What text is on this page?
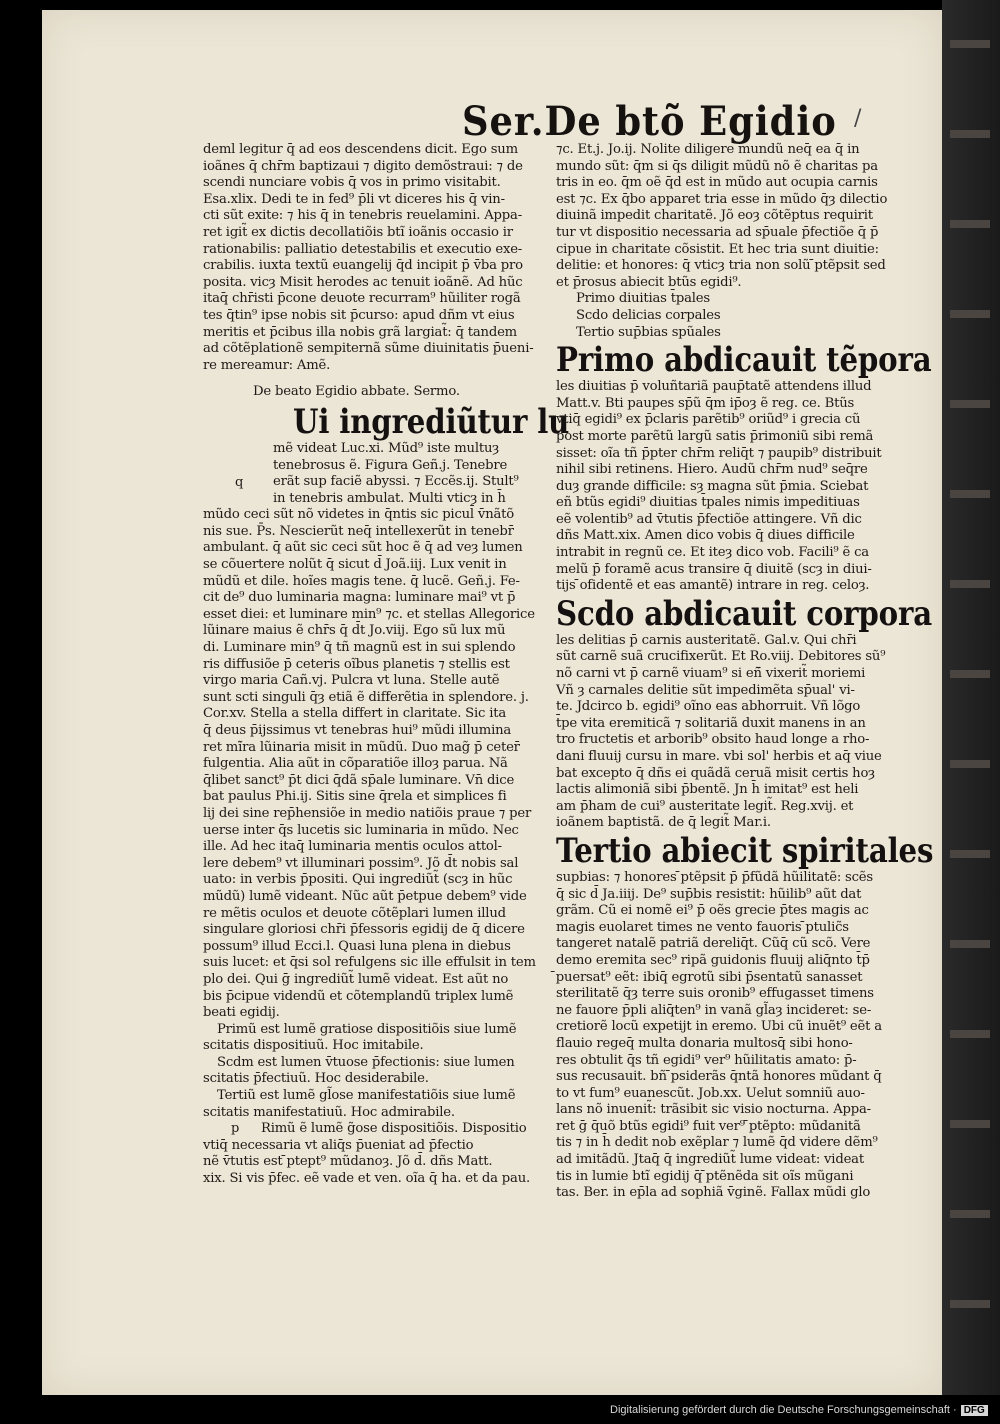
Ser.De btõ Egidio /
deml legitur q̄ ad eos descendens dicit. Ego sum
ioãnes q̄ chr̄m baptizaui ⁊ digito demõstraui: ⁊ de
scendi nunciare vobis q̄ vos in primo visitabit.
Esa.xlix. Dedi te in fed⁹ p̄li vt diceres his q̄ vin-
cti sũt exite: ⁊ his q̄ in tenebris reuelamini. Appa-
ret igit̃ ex dictis decollatiõis btĩ ioãnis occasio ir
rationabilis: palliatio detestabilis et executio exe-
crabilis. iuxta textũ euangelij q̄d incipit p̄ v̄ba pro
posita. vicȝ Misit herodes ac tenuit ioãnẽ. Ad hũc
itaq̄ chr̄isti p̄cone deuote recurram⁹ hũiliter rogã
tes q̄tin⁹ ipse nobis sit p̄curso: apud dñm vt eius
meritis et p̄cibus illa nobis grã largiat̃: q̄ tandem
ad cõtẽplationẽ sempiternã sũme diuinitatis p̄ueni-
re mereamur: Amẽ.
De beato Egidio abbate. Sermo.
Ui ingrediũtur lu
mẽ videat Luc.xi. Mũd⁹ iste multuȝ
tenebrosus ẽ. Figura Geñ.j. Tenebre
erãt sup faciẽ abyssi. ⁊ Eccẽs.ij. Stult⁹
in tenebris ambulat. Multi vticȝ in h̄
mũdo ceci sũt nõ videtes in q̄ntis sic picul̄ v̄nãtõ
nis sue. P̄s. Nescierũt neq̄ intellexerũt in tenebr̄
ambulant. q̄ aũt sic ceci sũt hoc ẽ q̄ ad veȝ lumen
se cõuertere nolũt q̄ sicut d̄ Joã.iij. Lux venit in
mũdũ et dile. hoĩes magis tene. q̄ lucẽ. Geñ.j. Fe-
cit de⁹ duo luminaria magna: luminare mai⁹ vt p̄
esset diei: et luminare min⁹ ⁊c. et stellas Allegorice
lũinare maius ẽ chr̄s q̄ d̄t Jo.viij. Ego sũ lux mũ
di. Luminare min⁹ q̄ tñ magnũ est in sui splendo
ris diffusiõe p̄ ceteris oĩbus planetis ⁊ stellis est
virgo maria Cañ.vj. Pulcra vt luna. Stelle autẽ
sunt scti singuli q̄ȝ etiã ẽ differẽtia in splendore. j.
Cor.xv. Stella a stella differt in claritate. Sic ita
q̄ deus p̄ijssimus vt tenebras hui⁹ mũdi illumina
ret mi̇̃ra lũinaria misit in mũdũ. Duo mag̃ p̄ ceter̄
fulgentia. Alia aũt in cõparatiõe illoȝ parua. Nã
q̄libet sanct⁹ p̄t dici q̄dã sp̄ale luminare. Vn̄ dice
bat paulus Phi.ij. Sitis sine q̄rela et simplices fi
lij dei sine rep̄hensiõe in medio natiõis praue ⁊ per
uerse inter q̄s lucetis sic luminaria in mũdo. Nec
ille. Ad hec itaq̄ luminaria mentis oculos attol-
lere debem⁹ vt illuminari possim⁹. Jõ d̄t nobis sal
uato: in verbis p̄positi. Qui ingrediũt̃ (scȝ in hũc
mũdũ) lumẽ videant. Nũc aũt p̄etpue debem⁹ vide
re mẽtis oculos et deuote cõtẽplari lumen illud
singulare gloriosi chr̄i p̄fessoris egidij de q̄ dicere
possum⁹ illud Ecci.l. Quasi luna plena in diebus
suis lucet: et q̄si sol refulgens sic ille effulsit in tem
plo dei. Qui ḡ ingrediũt̃ lumẽ videat. Est aũt no
bis p̄cipue videndũ et cõtemplandũ triplex lumẽ
beati egidij.
q
Primũ est lumẽ gratiose dispositiõis siue lumẽ
scitatis dispositiuũ. Hoc imitabile.
Scdm est lumen v̄tuose p̄fectionis: siue lumen
scitatis p̄fectiuũ. Hoc desiderabile.
Tertiũ est lumẽ gl̃ose manifestatiõis siue lumẽ
scitatis manifestatiuũ. Hoc admirabile.
Rimũ ẽ lumẽ g̃ose dispositiõis. Dispositio
vtiq̄ necessaria vt aliq̄s p̄ueniat ad p̄fectio
nẽ v̄tutis est ̄ptept⁹ mũdanoȝ. Jõ d̄. dñs Matt.
xix. Si vis p̄fec. eẽ vade et ven. oĩa q̄ ha. et da pau.
p
⁊c. Et.j. Jo.ij. Nolite diligere mundũ neq̄ ea q̄ in
mundo sũt: q̄m si q̄s diligit mũdũ nõ ẽ charitas pa
tris in eo. q̄m oẽ q̄d est in mũdo aut ocupia carnis
est ⁊c. Ex q̄bo apparet tria esse in mũdo q̄ȝ dilectio
diuinã impedit charitatẽ. Jõ eoȝ cõtẽptus requirit
tur vt dispositio necessaria ad sp̄uale p̄fectiõe q̄ p̄
cipue in charitate cõsistit. Et hec tria sunt diuitie:
delitie: et honores: q̄ vticȝ tria non solũ ̄ptẽpsit sed
et p̄rosus abiecit btũs egidi⁹.
Primo diuitias t̄pales
Scdo delicias corpales
Tertio sup̄bias spũales
Primo abdicauit tẽpora
les diuitias p̄ voluñtariã paup̄tatẽ attendens illud
Matt.v. Bti paupes sp̄ũ q̄m ip̄oȝ ẽ reg. ce. Btũs
vtiq̄ egidi⁹ ex p̄claris parẽtib⁹ oriũd⁹ i grecia cũ
post morte parẽtũ largũ satis p̄rimoniũ sibi remã
sisset: oĩa tñ p̄pter chr̄m reliq̄t ⁊ paupib⁹ distribuit
nihil sibi retinens. Hiero. Audũ chr̄m nud⁹ seq̄re
duȝ grande difficile: sȝ magna sũt p̄mia. Sciebat
eñ btũs egidi⁹ diuitias t̄pales nimis impeditiuas
eẽ volentib⁹ ad v̄tutis p̄fectiõe attingere. Vñ dic
dñs Matt.xix. Amen dico vobis q̄ diues difficile
intrabit in regnũ ce. Et iteȝ dico vob. Facili⁹ ẽ ca
melũ p̄ foramẽ acus transire q̄ diuitẽ (scȝ in diui-
tijs ̄ofidentẽ et eas amantẽ) intrare in reg. celoȝ.
Scdo abdicauit corpora
les delitias p̄ carnis austeritatẽ. Gal.v. Qui chr̄i
sũt carnẽ suã crucifixerũt. Et Ro.viij. Debitores sũ⁹
nõ carni vt p̄ carnẽ viuam⁹ si eñ̄ vixerit̃ moriemi
Vñ ȝ carnales delitie sũt impedimẽta sp̄ual' vi-
te. Jdcirco b. egidi⁹ oĩno eas abhorruit. Vñ lõgo
t̄pe vita eremiticã ⁊ solitariã duxit manens in an
tro fructetis et arborib⁹ obsito haud longe a rho-
dani fluuij cursu in mare. vbi sol' herbis et aq̄ viue
bat excepto q̄ dñs ei quãdã ceruã misit certis hoȝ
lactis alimoniã sibi p̄bentẽ. Jn h̄ imitat⁹ est heli
am p̄ham de cui⁹ austeritate legit̃. Reg.xvij. et
ioãnem baptistã. de q̄ legit̃ Mar.i.
Tertio abiecit spiritales
supbias: ⁊ honores ̄ptẽpsit p̄ p̄fũdã hũilitatẽ: scẽs
q̄ sic d̄ Ja.iiij. De⁹ sup̄bis resistit: hũilib⁹ aũt dat
grãm. Cũ ei nomẽ ei⁹ p̄ oẽs grecie p̄tes magis ac
magis euolaret times ne vento fauoris ̄ptulic̃s
tangeret natalẽ patriã dereliq̄t. Cũq̄ cũ scõ. Vere
demo eremita sec⁹ ripã guidonis fluuij aliq̄nto t̄p̄
̄puersat⁹ eẽt: ibiq̄ egrotũ sibi p̄sentatũ sanasset
sterilitatẽ q̄ȝ terre suis oronib⁹ effugasset timens
ne fauore p̄pli aliq̄ten⁹ in vanã gl̃aȝ incideret: se-
cretiorẽ locũ expetijt in eremo. Ubi cũ inuẽt⁹ eẽt a
flauio regeq̄ multa donaria multosq̄ sibi hono-
res obtulit q̄s tñ egidi⁹ ver⁹ hũilitatis amato: p̄-
sus recusauit. bñ ̄psiderãs q̄ntã honores mũdant q̄
to vt fum⁹ euanescũt. Job.xx. Uelut somniũ auo-
lans nõ inuenit̃: trãsibit sic visio nocturna. Appa-
ret ḡ q̄uõ btũs egidi⁹ fuit ver⁹ ̄ptẽpto: mũdanitã
tis ⁊ in h̄ dedit nob exẽplar ⁊ lumẽ q̄d videre dẽm⁹
ad imitãdũ. Jtaq̄ q̄ ingrediũt̃ lume videat: videat
tis in lumie btĩ egidij q̄ ̄ptẽnẽda sit oĩs mũgani
tas. Ber. in ep̄la ad sophiã v̄ginẽ. Fallax mũdi glo
Digitalisierung gefördert durch die Deutsche Forschungsgemeinschaft · DFG
